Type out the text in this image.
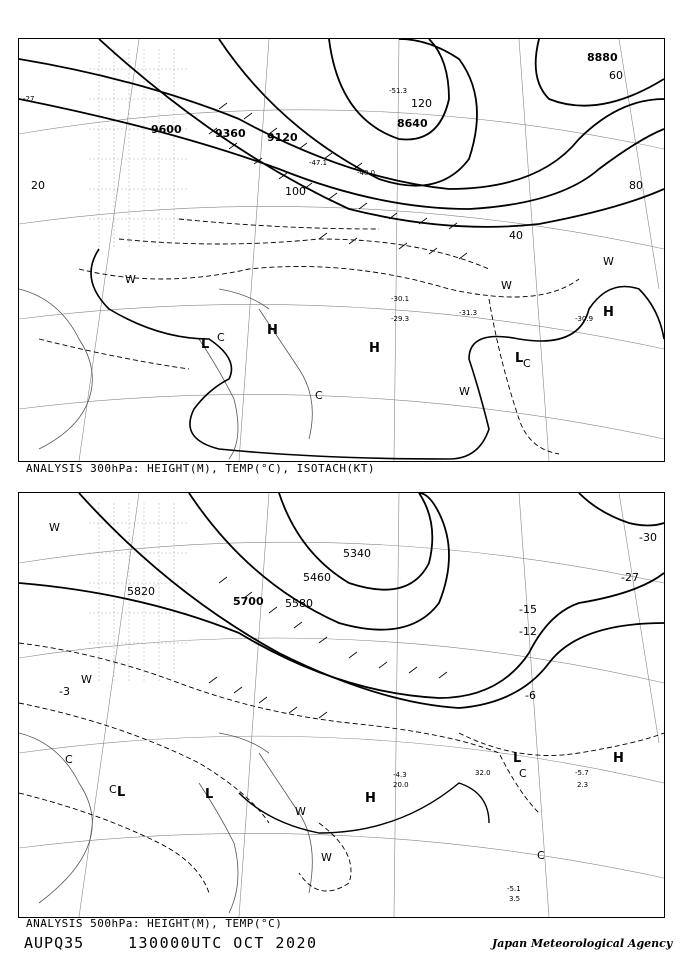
9600	9360 9120
8880
8640
20
40
60
80
100
120
-27
-29.3
-30.1
-30.9
-31.3
-47.1
-48.0
-51.3
H
H
H
L
L
W	W
W
W
C
C
C
ANALYSIS 300hPa: HEIGHT(M), TEMP(°C), ISOTACH(KT)
5820
5700 5580
5460
5340
-3	-6
-12
-15
-27
-30
-4.3	-5.7
-5.1
32.0
20.0
3.5
2.3
H
H
L
L	L
W
W
W
W
C
C
C
C
ANALYSIS 500hPa: HEIGHT(M), TEMP(°C)
AUPQ35	130000UTC OCT 2020	Japan Meteorological Agency
